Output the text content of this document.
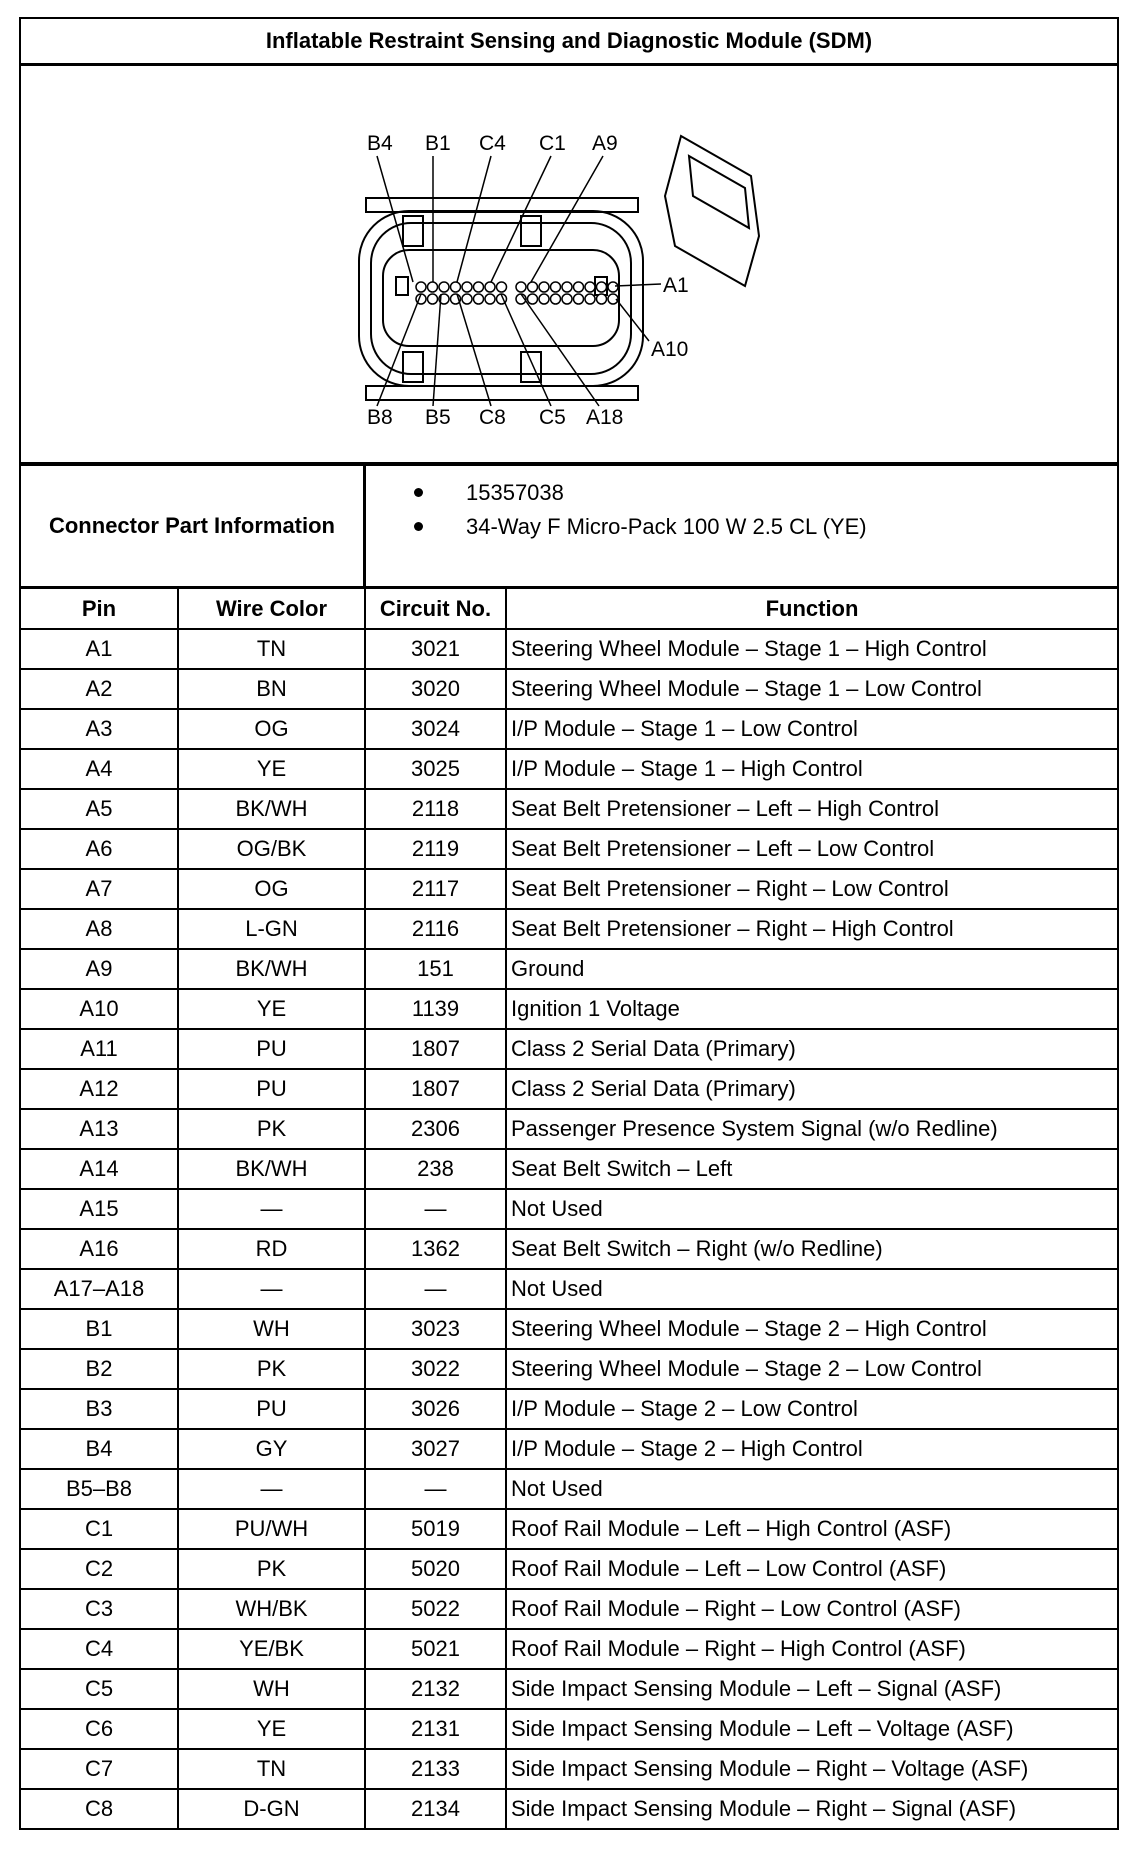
Inflatable Restraint Sensing and Diagnostic Module (SDM)
B4 B1 C4 C1 A9
B8 B5 C8 C5 A18
A1
A10
Connector Part Information
15357038
34-Way F Micro-Pack 100 W 2.5 CL (YE)
Pin	Wire Color	Circuit No.	Function
A1	TN	3021	Steering Wheel Module – Stage 1 – High Control
A2	BN	3020	Steering Wheel Module – Stage 1 – Low Control
A3	OG	3024	I/P Module – Stage 1 – Low Control
A4	YE	3025	I/P Module – Stage 1 – High Control
A5	BK/WH	2118	Seat Belt Pretensioner – Left – High Control
A6	OG/BK	2119	Seat Belt Pretensioner – Left – Low Control
A7	OG	2117	Seat Belt Pretensioner – Right – Low Control
A8	L-GN	2116	Seat Belt Pretensioner – Right – High Control
A9	BK/WH	151	Ground
A10	YE	1139	Ignition 1 Voltage
A11	PU	1807	Class 2 Serial Data (Primary)
A12	PU	1807	Class 2 Serial Data (Primary)
A13	PK	2306	Passenger Presence System Signal (w/o Redline)
A14	BK/WH	238	Seat Belt Switch – Left
A15	—	—	Not Used
A16	RD	1362	Seat Belt Switch – Right (w/o Redline)
A17–A18	—	—	Not Used
B1	WH	3023	Steering Wheel Module – Stage 2 – High Control
B2	PK	3022	Steering Wheel Module – Stage 2 – Low Control
B3	PU	3026	I/P Module – Stage 2 – Low Control
B4	GY	3027	I/P Module – Stage 2 – High Control
B5–B8	—	—	Not Used
C1	PU/WH	5019	Roof Rail Module – Left – High Control (ASF)
C2	PK	5020	Roof Rail Module – Left – Low Control (ASF)
C3	WH/BK	5022	Roof Rail Module – Right – Low Control (ASF)
C4	YE/BK	5021	Roof Rail Module – Right – High Control (ASF)
C5	WH	2132	Side Impact Sensing Module – Left – Signal (ASF)
C6	YE	2131	Side Impact Sensing Module – Left – Voltage (ASF)
C7	TN	2133	Side Impact Sensing Module – Right – Voltage (ASF)
C8	D-GN	2134	Side Impact Sensing Module – Right – Signal (ASF)
